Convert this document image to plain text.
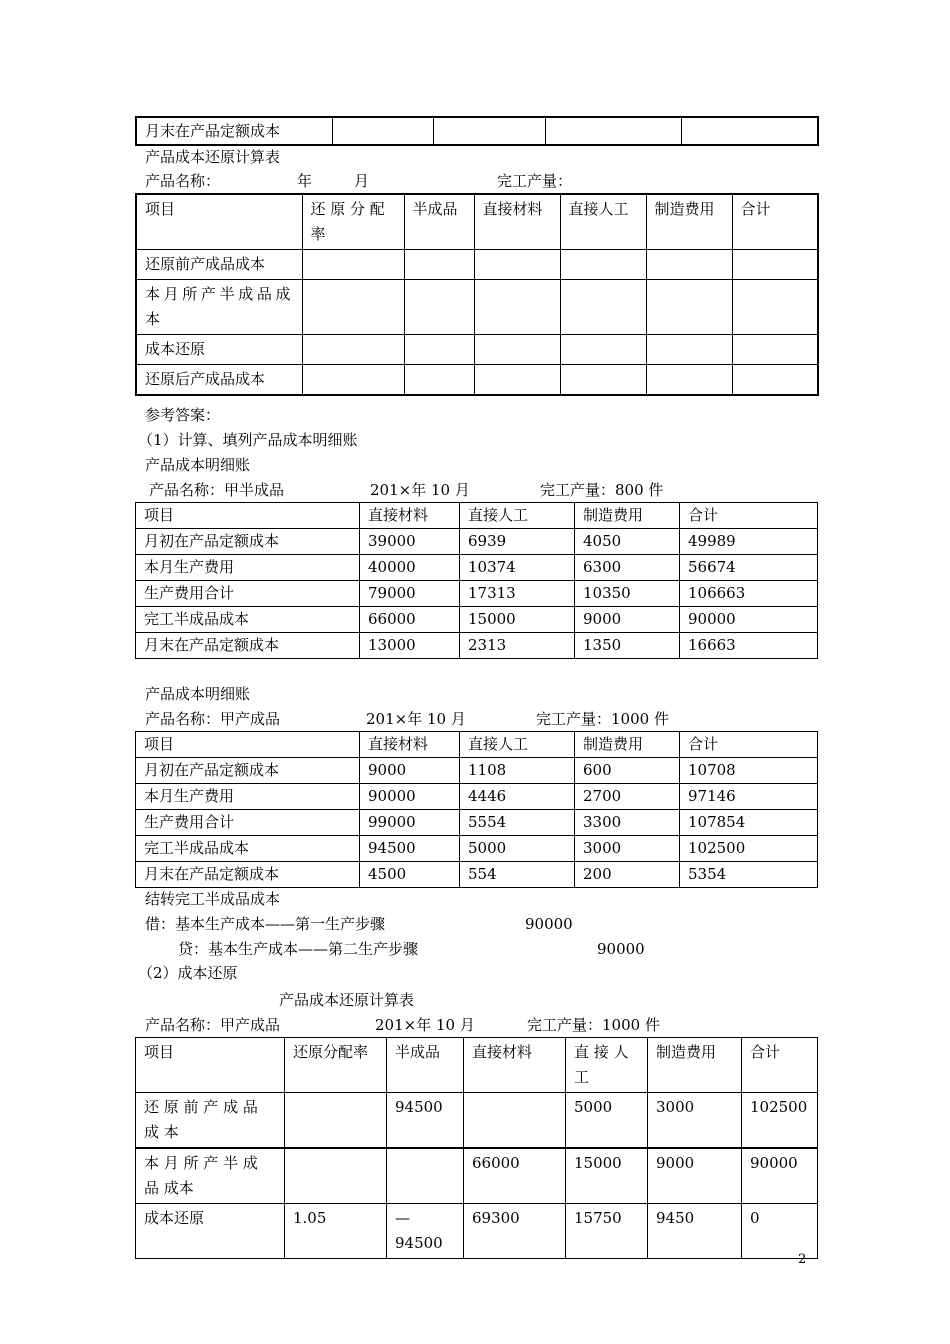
月末在产品定额成本				
产品成本还原计算表
产品名称：	年	月	完工产量：
项目	还 原 分 配 率	半成品	直接材料	直接人工	制造费用	合计
还原前产成品成本						
本月所产半成品成本						
成本还原						
还原后产成品成本						
参考答案：
（1）计算、填列产品成本明细账
产品成本明细账
产品名称：甲半成品	201×年 10 月	完工产量：800 件
项目	直接材料	直接人工	制造费用	合计
月初在产品定额成本	39000	6939	4050	49989
本月生产费用	40000	10374	6300	56674
生产费用合计	79000	17313	10350	106663
完工半成品成本	66000	15000	9000	90000
月末在产品定额成本	13000	2313	1350	16663
产品成本明细账
产品名称：甲产成品	201×年 10 月	完工产量：1000 件
项目	直接材料	直接人工	制造费用	合计
月初在产品定额成本	9000	1108	600	10708
本月生产费用	90000	4446	2700	97146
生产费用合计	99000	5554	3300	107854
完工半成品成本	94500	5000	3000	102500
月末在产品定额成本	4500	554	200	5354
结转完工半成品成本
借：基本生产成本——第一生产步骤	90000
贷：基本生产成本——第二生产步骤	90000
（2）成本还原
产品成本还原计算表
产品名称：甲产成品	201×年 10 月	完工产量：1000 件
项目	还原分配率	半成品	直接材料	直 接 人 工	制造费用	合计
还 原 前 产 成 品 成 本		94500		5000	3000	102500
本 月 所 产 半 成 品 成本			66000	15000	9000	90000
成本还原	1.05	—94500	69300	15750	9450	0
2
